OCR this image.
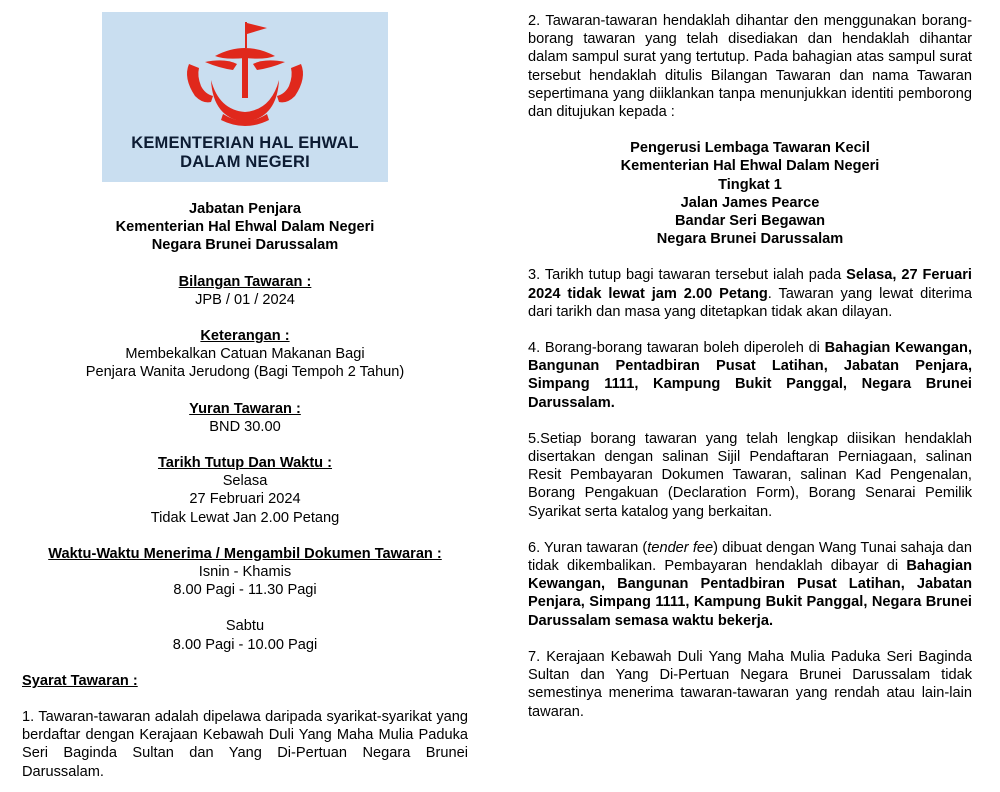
KEMENTERIAN HAL EHWAL
DALAM NEGERI

Jabatan Penjara

Kementerian Hal Ehwal Dalam Negeri

Negara Brunei Darussalam

Bilangan Tawaran :

JPB / 01 / 2024

Keterangan :

Membekalkan Catuan Makanan Bagi

Penjara Wanita Jerudong (Bagi Tempoh 2 Tahun)

Yuran Tawaran :

BND 30.00

Tarikh Tutup Dan Waktu :

Selasa

27 Februari 2024

Tidak Lewat Jan 2.00 Petang

Waktu-Waktu Menerima / Mengambil Dokumen Tawaran :

Isnin - Khamis

8.00 Pagi - 11.30 Pagi

Sabtu

8.00 Pagi - 10.00 Pagi

Syarat Tawaran :

1. Tawaran-tawaran adalah dipelawa daripada syarikat-syarikat yang berdaftar dengan Kerajaan Kebawah Duli Yang Maha Mulia Paduka Seri Baginda Sultan dan Yang Di-Pertuan Negara Brunei Darussalam.

2. Tawaran-tawaran hendaklah dihantar den menggunakan borang-borang tawaran yang telah disediakan dan hendaklah dihantar dalam sampul surat yang tertutup. Pada bahagian atas sampul surat tersebut hendaklah ditulis Bilangan Tawaran dan nama Tawaran sepertimana yang diiklankan tanpa menunjukkan identiti pemborong dan ditujukan kepada :

Pengerusi Lembaga Tawaran Kecil

Kementerian Hal Ehwal Dalam Negeri

Tingkat 1

Jalan James Pearce

Bandar Seri Begawan

Negara Brunei Darussalam

3. Tarikh tutup bagi tawaran tersebut ialah pada Selasa, 27 Feruari 2024 tidak lewat jam 2.00 Petang. Tawaran yang lewat diterima dari tarikh dan masa yang ditetapkan tidak akan dilayan.

4. Borang-borang tawaran boleh diperoleh di Bahagian Kewangan, Bangunan Pentadbiran Pusat Latihan, Jabatan Penjara, Simpang 1111, Kampung Bukit Panggal, Negara Brunei Darussalam.

5.Setiap borang tawaran yang telah lengkap diisikan hendaklah disertakan dengan salinan Sijil Pendaftaran Perniagaan, salinan Resit Pembayaran Dokumen Tawaran, salinan Kad Pengenalan, Borang Pengakuan (Declaration Form), Borang Senarai Pemilik Syarikat serta katalog yang berkaitan.

6. Yuran tawaran (tender fee) dibuat dengan Wang Tunai sahaja dan tidak dikembalikan. Pembayaran hendaklah dibayar di Bahagian Kewangan, Bangunan Pentadbiran Pusat Latihan, Jabatan Penjara, Simpang 1111, Kampung Bukit Panggal, Negara Brunei Darussalam semasa waktu bekerja.

7. Kerajaan Kebawah Duli Yang Maha Mulia Paduka Seri Baginda Sultan dan Yang Di-Pertuan Negara Brunei Darussalam tidak semestinya menerima tawaran-tawaran yang rendah atau lain-lain tawaran.
